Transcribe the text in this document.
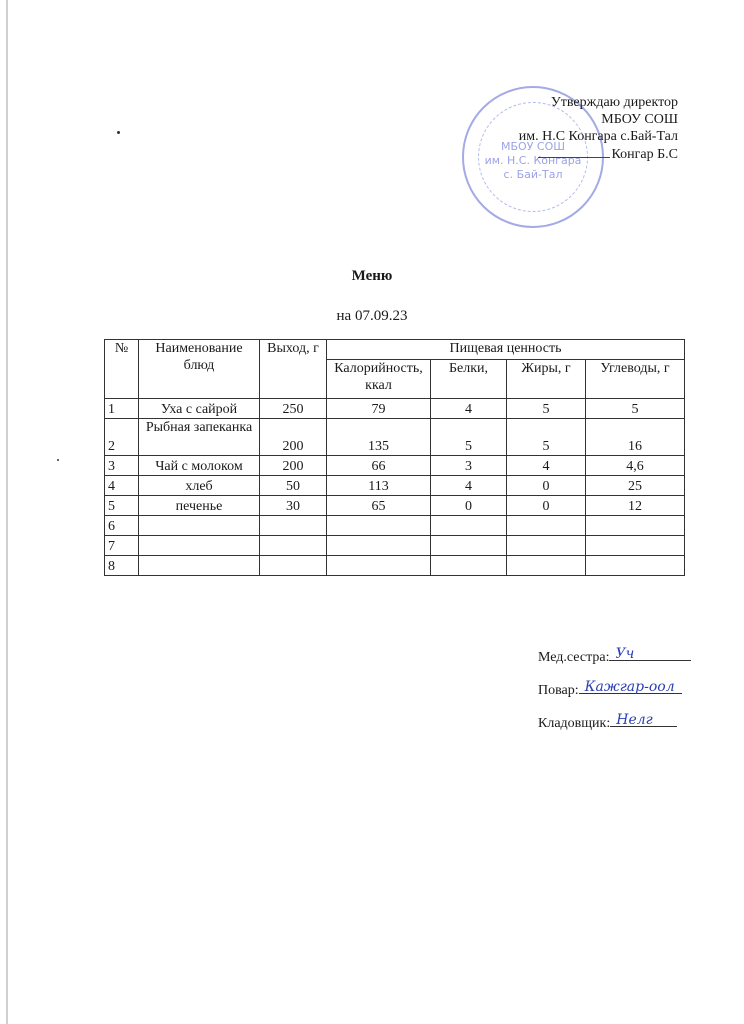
МБОУ СОШ
им. Н.С. Конгара
с. Бай-Тал
Утверждаю директор
МБОУ СОШ
им. Н.С Конгара с.Бай-Тал
Конгар Б.С
Меню
на 07.09.23
№	Наименование блюд	Выход, г	Пищевая ценность			
			Калорийность, ккал	Белки,	Жиры, г	Углеводы, г
1	Уха с сайрой	250	79	4	5	5
2	Рыбная запеканка	200	135	5	5	16
3	Чай с молоком	200	66	3	4	4,6
4	хлеб	50	113	4	0	25
5	печенье	30	65	0	0	12
6						
7						
8						
Мед.сестра: Уч
Повар: Кажгар-оол
Кладовщик: Нелг
